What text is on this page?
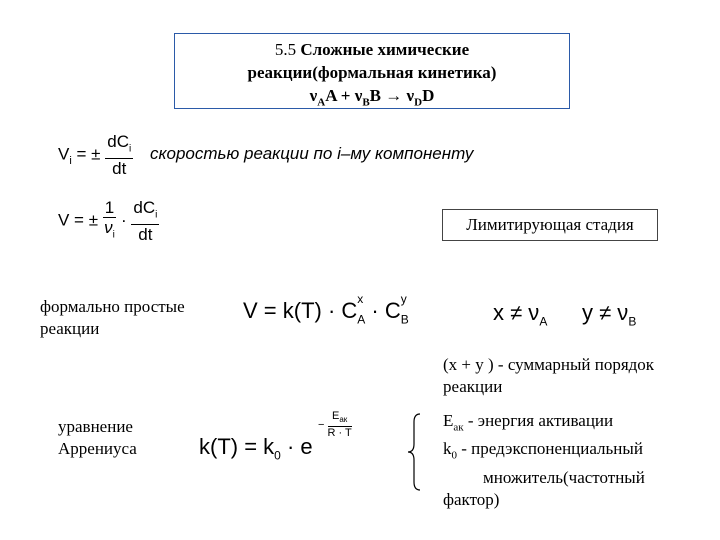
5.5 Сложные химические
реакции(формальная кинетика)
$\nu_AA + \nu_BB \to \nu_DD$
$V_i$ = ± $\frac{dC_i}{dt}$ скоростью реакции по i–му компоненту
V = ± $\frac{1}{\nu_i} \cdot \frac{dC_i}{dt}$	Лимитирующая стадия
формально простые
реакции
$V = k(T) \cdot C_A$
$x \cdot C_B$
y
$x \ne \nu_A$ $y \ne \nu_B$
(x + y ) - суммарный порядок
реакции
уравнение
Аррениуса	$k(T) = k_0 \cdot e$
− $\frac{E_{ак}}{R \cdot T}$	$E_{ак}$ - энергия активации
$k_0$ - предэкспоненциальный
множитель(частотный
фактор)
